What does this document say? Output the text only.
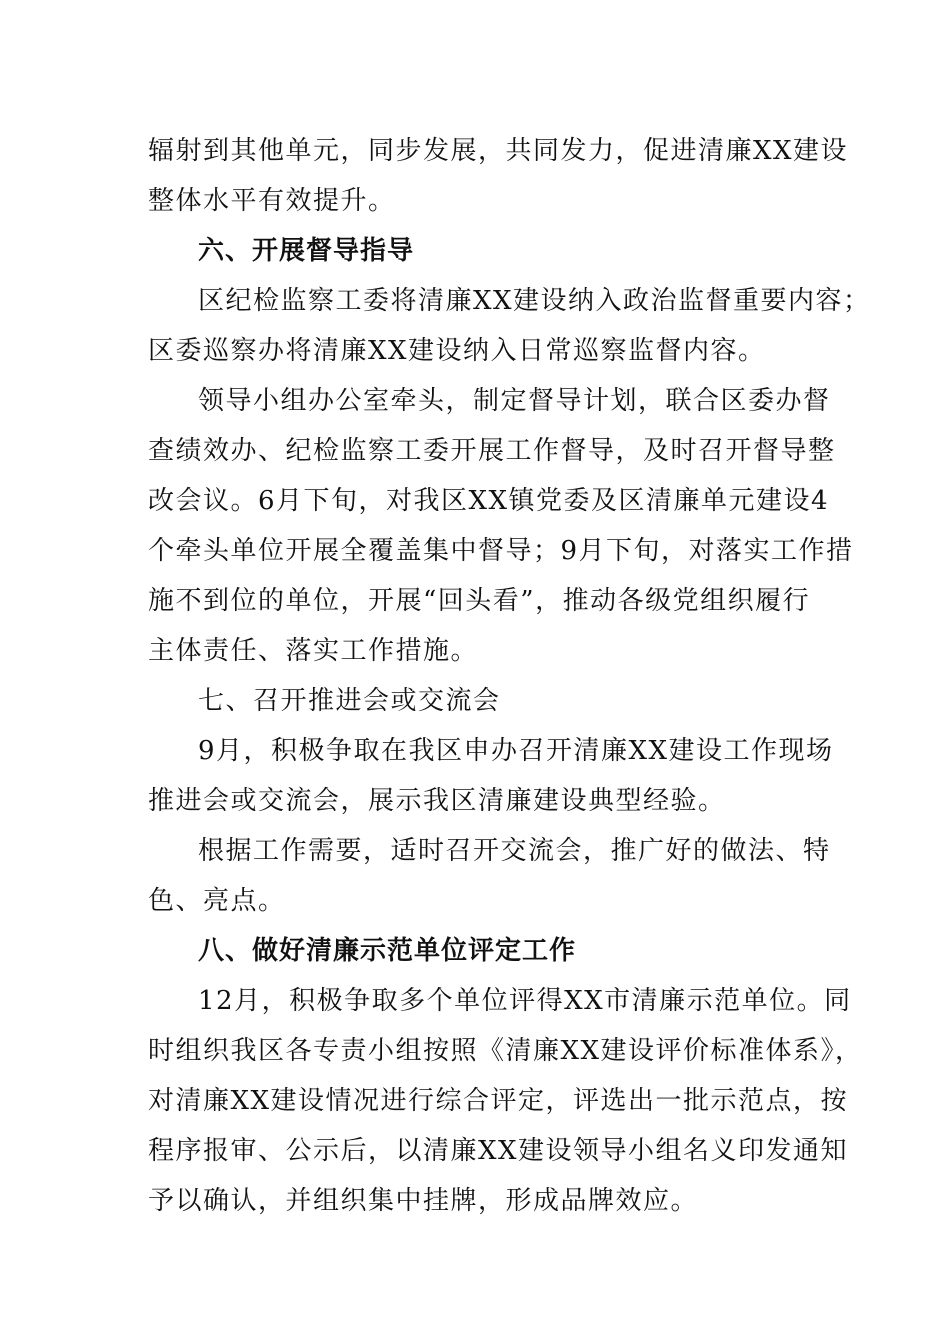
辐射到其他单元，同步发展，共同发力，促进清廉XX建设
整体水平有效提升。
六、开展督导指导
区纪检监察工委将清廉XX建设纳入政治监督重要内容；
区委巡察办将清廉XX建设纳入日常巡察监督内容。
领导小组办公室牵头，制定督导计划，联合区委办督
查绩效办、纪检监察工委开展工作督导，及时召开督导整
改会议。6月下旬，对我区XX镇党委及区清廉单元建设4
个牵头单位开展全覆盖集中督导；9月下旬，对落实工作措
施不到位的单位，开展“回头看”，推动各级党组织履行
主体责任、落实工作措施。
七、召开推进会或交流会
9月，积极争取在我区申办召开清廉XX建设工作现场
推进会或交流会，展示我区清廉建设典型经验。
根据工作需要，适时召开交流会，推广好的做法、特
色、亮点。
八、做好清廉示范单位评定工作
12月，积极争取多个单位评得XX市清廉示范单位。同
时组织我区各专责小组按照《清廉XX建设评价标准体系》，
对清廉XX建设情况进行综合评定，评选出一批示范点，按
程序报审、公示后，以清廉XX建设领导小组名义印发通知
予以确认，并组织集中挂牌，形成品牌效应。
